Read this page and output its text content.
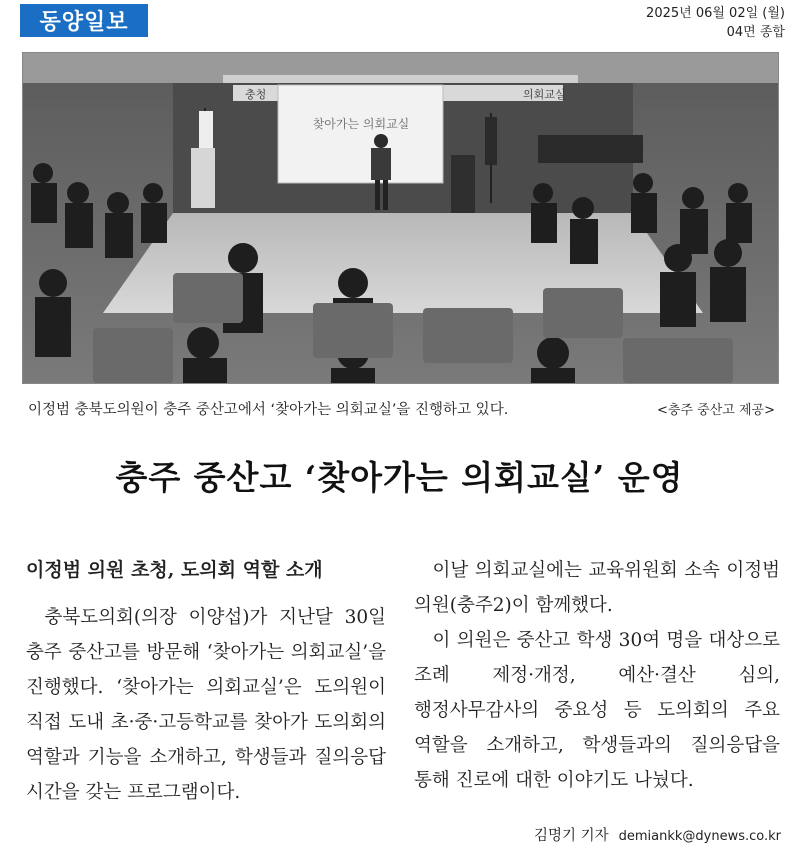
동양일보	2025년 06월 02일 (월)
04면 종합
충청	의회교실
찾아가는 의회교실
이정범 충북도의원이 충주 중산고에서 ‘찾아가는 의회교실’을 진행하고 있다.	<충주 중산고 제공>
충주 중산고 ‘찾아가는 의회교실’ 운영
이정범 의원 초청, 도의회 역할 소개
충북도의회(의장 이양섭)가 지난달 30일 충주 중산고를 방문해 ‘찾아가는 의회교실’을 진행했다. ‘찾아가는 의회교실’은 도의원이 직접 도내 초·중·고등학교를 찾아가 도의회의 역할과 기능을 소개하고, 학생들과 질의응답 시간을 갖는 프로그램이다.
이날 의회교실에는 교육위원회 소속 이정범 의원(충주2)이 함께했다.
이 의원은 중산고 학생 30여 명을 대상으로 조례 제정·개정, 예산·결산 심의, 행정사무감사의 중요성 등 도의회의 주요 역할을 소개하고, 학생들과의 질의응답을 통해 진로에 대한 이야기도 나눴다.
김명기 기자 demiankk@dynews.co.kr
